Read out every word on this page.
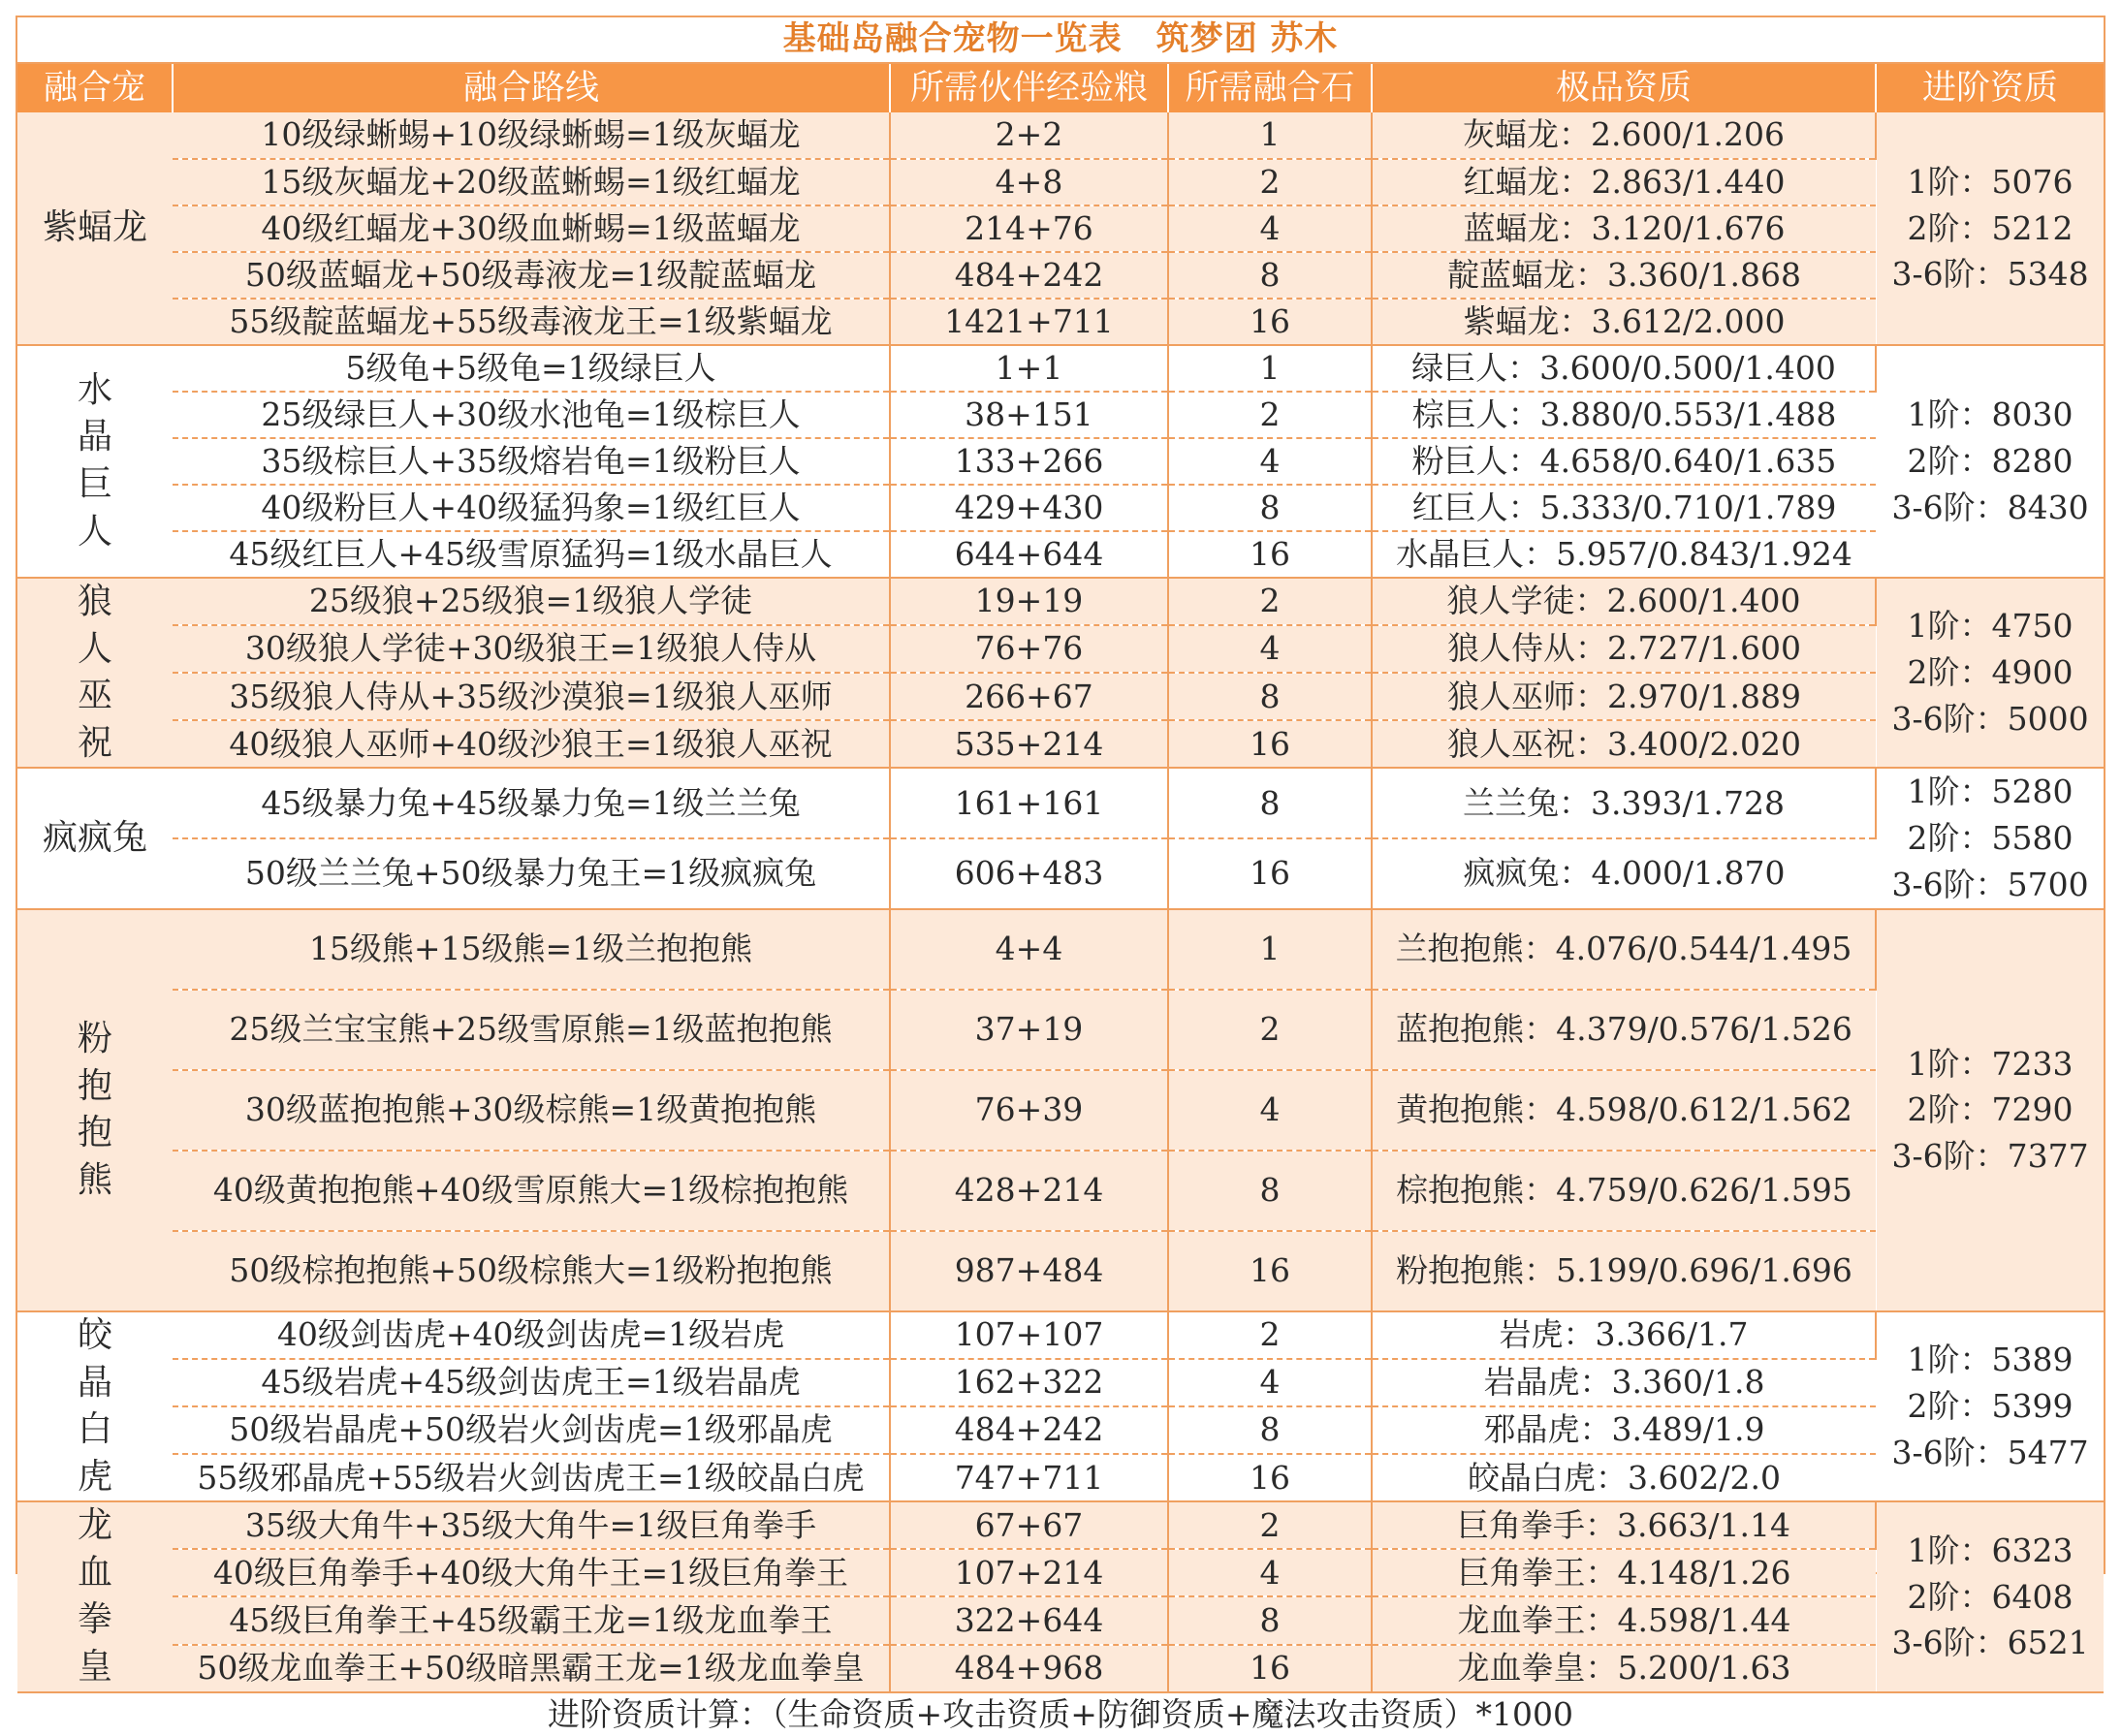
基础岛融合宠物一览表　筑梦团 苏木					
融合宠	融合路线	所需伙伴经验粮	所需融合石	极品资质	进阶资质
紫蝠龙	10级绿蜥蜴+10级绿蜥蜴=1级灰蝠龙	2+2	1	灰蝠龙：2.600/1.206	1阶：5076
2阶：5212
3-6阶：5348

	15级灰蝠龙+20级蓝蜥蜴=1级红蝠龙	4+8	2	红蝠龙：2.863/1.440	
	40级红蝠龙+30级血蜥蜴=1级蓝蝠龙	214+76	4	蓝蝠龙：3.120/1.676	
	50级蓝蝠龙+50级毒液龙=1级靛蓝蝠龙	484+242	8	靛蓝蝠龙：3.360/1.868	
	55级靛蓝蝠龙+55级毒液龙王=1级紫蝠龙	1421+711	16	紫蝠龙：3.612/2.000	
水晶巨人	5级龟+5级龟=1级绿巨人	1+1	1	绿巨人：3.600/0.500/1.400	1阶：8030
2阶：8280
3-6阶：8430

	25级绿巨人+30级水池龟=1级棕巨人	38+151	2	棕巨人：3.880/0.553/1.488	
	35级棕巨人+35级熔岩龟=1级粉巨人	133+266	4	粉巨人：4.658/0.640/1.635	
	40级粉巨人+40级猛犸象=1级红巨人	429+430	8	红巨人：5.333/0.710/1.789	
	45级红巨人+45级雪原猛犸=1级水晶巨人	644+644	16	水晶巨人：5.957/0.843/1.924	
狼人巫祝	25级狼+25级狼=1级狼人学徒	19+19	2	狼人学徒：2.600/1.400	1阶：4750
2阶：4900
3-6阶：5000

	30级狼人学徒+30级狼王=1级狼人侍从	76+76	4	狼人侍从：2.727/1.600	
	35级狼人侍从+35级沙漠狼=1级狼人巫师	266+67	8	狼人巫师：2.970/1.889	
	40级狼人巫师+40级沙狼王=1级狼人巫祝	535+214	16	狼人巫祝：3.400/2.020	
疯疯兔	45级暴力兔+45级暴力兔=1级兰兰兔	161+161	8	兰兰兔：3.393/1.728	1阶：5280
2阶：5580
3-6阶：5700

	50级兰兰兔+50级暴力兔王=1级疯疯兔	606+483	16	疯疯兔：4.000/1.870	
粉抱抱熊	15级熊+15级熊=1级兰抱抱熊	4+4	1	兰抱抱熊：4.076/0.544/1.495	1阶：7233
2阶：7290
3-6阶：7377

	25级兰宝宝熊+25级雪原熊=1级蓝抱抱熊	37+19	2	蓝抱抱熊：4.379/0.576/1.526	
	30级蓝抱抱熊+30级棕熊=1级黄抱抱熊	76+39	4	黄抱抱熊：4.598/0.612/1.562	
	40级黄抱抱熊+40级雪原熊大=1级棕抱抱熊	428+214	8	棕抱抱熊：4.759/0.626/1.595	
	50级棕抱抱熊+50级棕熊大=1级粉抱抱熊	987+484	16	粉抱抱熊：5.199/0.696/1.696	
皎晶白虎	40级剑齿虎+40级剑齿虎=1级岩虎	107+107	2	岩虎：3.366/1.7	1阶：5389
2阶：5399
3-6阶：5477

	45级岩虎+45级剑齿虎王=1级岩晶虎	162+322	4	岩晶虎：3.360/1.8	
	50级岩晶虎+50级岩火剑齿虎=1级邪晶虎	484+242	8	邪晶虎：3.489/1.9	
	55级邪晶虎+55级岩火剑齿虎王=1级皎晶白虎	747+711	16	皎晶白虎：3.602/2.0	
龙血拳皇	35级大角牛+35级大角牛=1级巨角拳手	67+67	2	巨角拳手：3.663/1.14	1阶：6323
2阶：6408
3-6阶：6521

	40级巨角拳手+40级大角牛王=1级巨角拳王	107+214	4	巨角拳王：4.148/1.26	
	45级巨角拳王+45级霸王龙=1级龙血拳王	322+644	8	龙血拳王：4.598/1.44	
	50级龙血拳王+50级暗黑霸王龙=1级龙血拳皇	484+968	16	龙血拳皇：5.200/1.63	
进阶资质计算：（生命资质+攻击资质+防御资质+魔法攻击资质）*1000					
